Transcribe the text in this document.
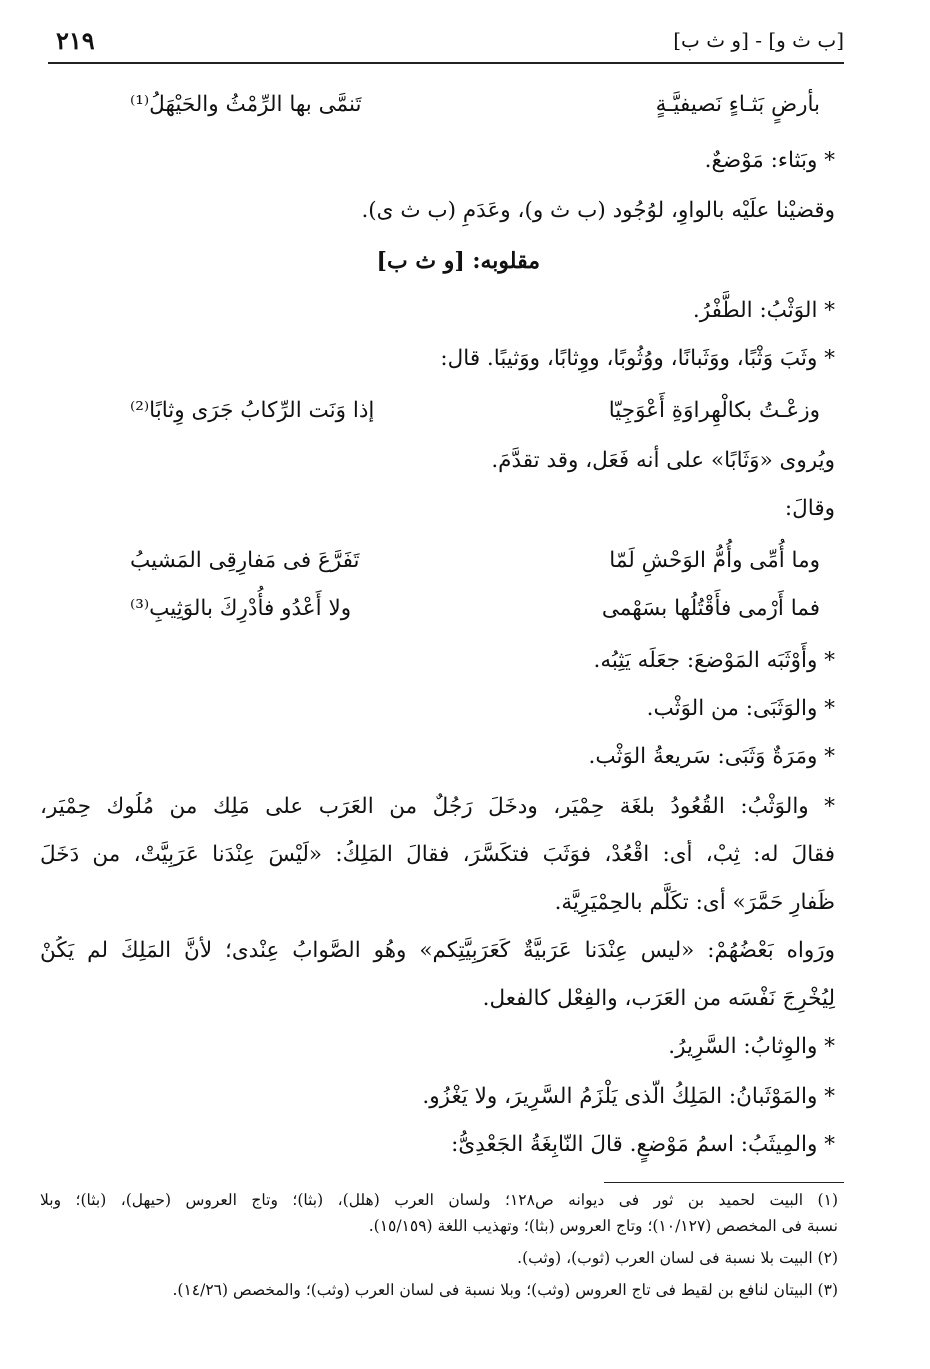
[ب ث و] - [و ث ب]
٢١٩
بأرضٍ بَثـاءٍ نَصيفيَّـةٍ
تَنمَّى بها الرِّمْثُ والحَيْهَلُ⁽¹⁾
* وبَثاء: مَوْضعٌ.
وقضيْنا علَيْه بالواوِ، لوُجُود (ب ث و)، وعَدَمِ (ب ث ى).
مقلوبه: [و ث ب]
* الوَثْبُ: الطَّفْرُ.
* وثَبَ وَثْبًا، ووَثَبانًا، ووُثُوبًا، ووِثابًا، ووَثيبًا. قال:
وزعْـتُ بكالْهِراوَةِ أَعْوَجِيّا
إذا وَنَت الرِّكابُ جَرَى وِثابًا⁽²⁾
ويُروى «وَثَابًا» على أنه فَعَل، وقد تقدَّمَ.
وقالَ:
وما أُمِّى وأُمُّ الوَحْشِ لَمّا
تَفَرَّعَ فى مَفارِقِى المَشيبُ
فما أَرْمى فأَقْتُلُها بسَهْمى
ولا أَعْدُو فأُدْرِكَ بالوَثِيبِ⁽³⁾
* وأَوْثَبَه المَوْضعَ: جعَلَه يَثِبُه.
* والوَثَبَى: من الوَثْب.
* ومَرَةٌ وَثَبَى: سَريعةُ الوَثْب.
* والوَثْبُ: القُعُودُ بلغَة حِمْيَر، ودخَلَ رَجُلٌ من العَرَب على مَلِك من مُلُوك حِمْيَر،
فقالَ له: ثِبْ، أى: اقْعُدْ، فوَثَبَ فتكَسَّرَ، فقالَ المَلِكُ: «لَيْسَ عِنْدَنا عَرَبِيَّتْ، من دَخَلَ
ظَفارِ حَمَّرَ» أى: تكَلَّم بالحِمْيَرِيَّة.
ورَواه بَعْضُهُمْ: «ليس عِنْدَنا عَرَبيَّةٌ كَعَرَبِيَّتِكم» وهُو الصَّوابُ عِنْدى؛ لأنَّ المَلِكَ لم يَكُنْ
لِيُخْرِجَ نَفْسَه من العَرَب، والفِعْل كالفعل.
* والوِثابُ: السَّرِيرُ.
* والمَوْثَبانُ: المَلِكُ الّذى يَلْزَمُ السَّرِيرَ، ولا يَغْزُو.
* والمِيثَبُ: اسمُ مَوْضعٍ. قالَ النّابِغَةُ الجَعْدِىُّ:
(١) البيت لحميد بن ثور فى ديوانه ص١٢٨؛ ولسان العرب (هلل)، (بثا)؛ وتاج العروس (حيهل)، (بثا)؛ وبلا
نسبة فى المخصص (١٠/١٢٧)؛ وتاج العروس (بثا)؛ وتهذيب اللغة (١٥/١٥٩).
(٢) البيت بلا نسبة فى لسان العرب (ثوب)، (وثب).
(٣) البيتان لنافع بن لقيط فى تاج العروس (وثب)؛ وبلا نسبة فى لسان العرب (وثب)؛ والمخصص (١٤/٢٦).
